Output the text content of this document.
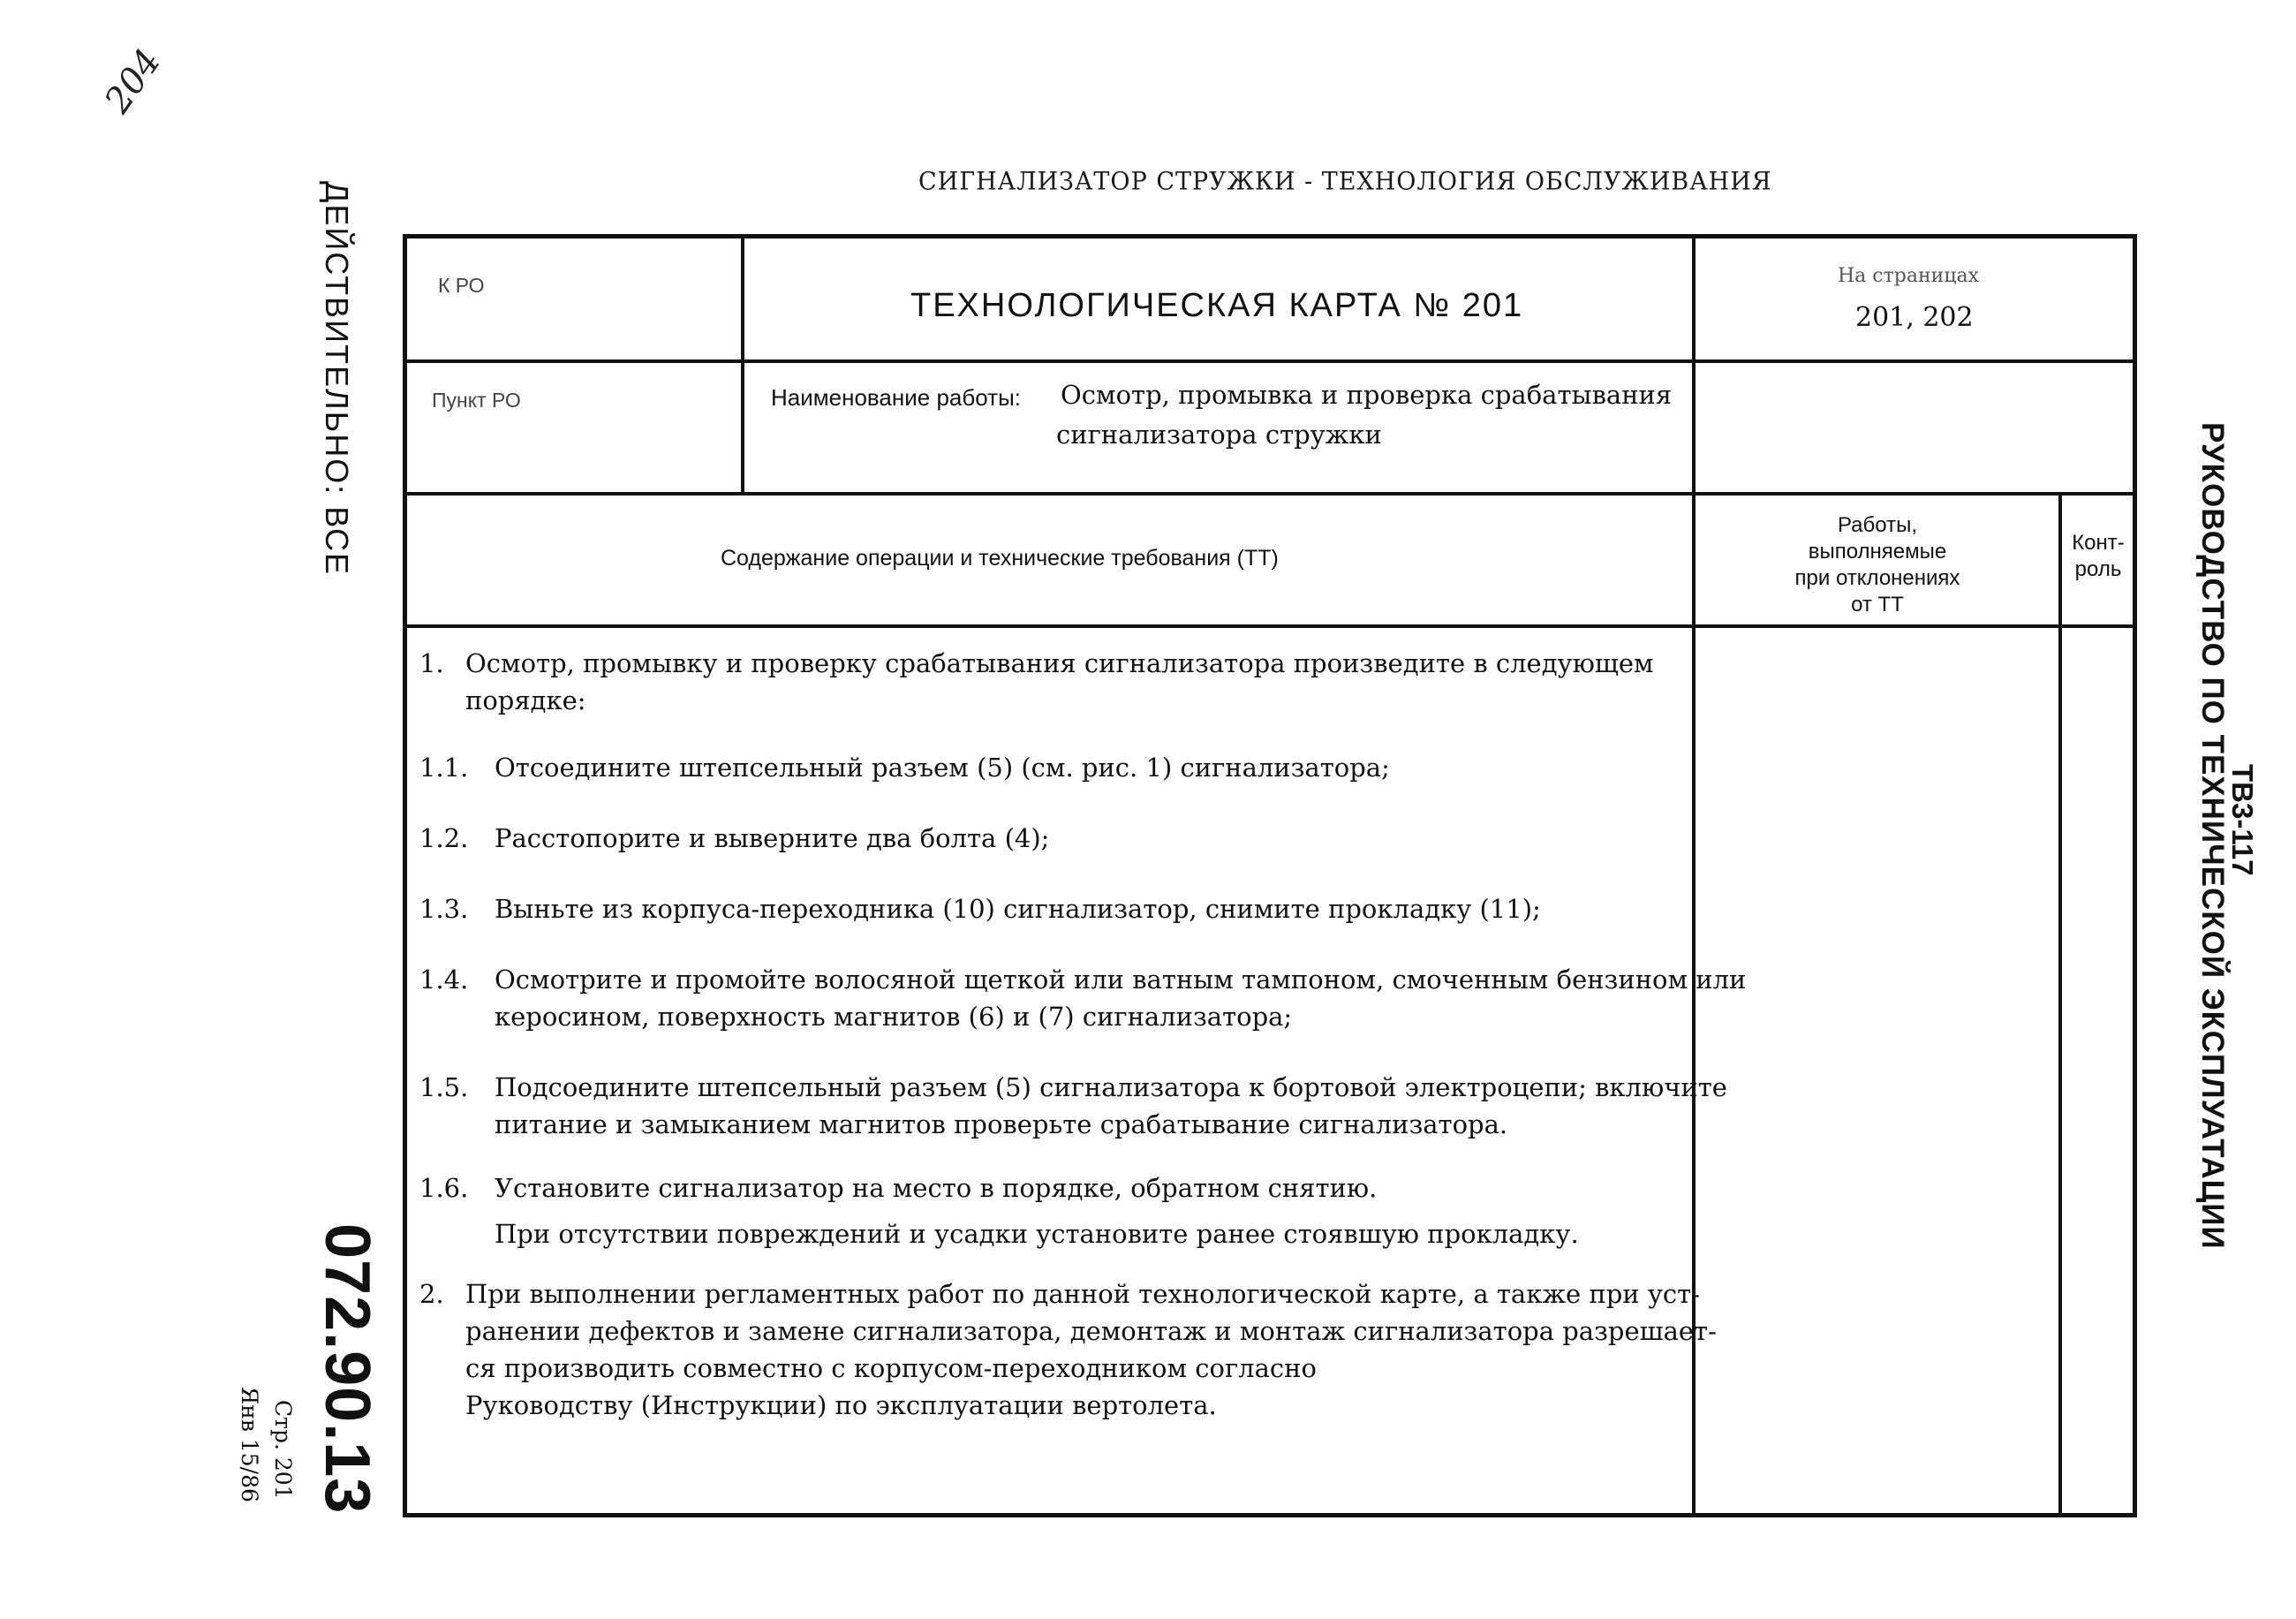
204
СИГНАЛИЗАТОР СТРУЖКИ - ТЕХНОЛОГИЯ ОБСЛУЖИВАНИЯ
ДЕЙСТВИТЕЛЬНО: ВСЕ
072.90.13
Стр. 201
Янв 15/86
РУКОВОДСТВО ПО ТЕХНИЧЕСКОЙ ЭКСПЛУАТАЦИИ
ТВ3-117
К РО
ТЕХНОЛОГИЧЕСКАЯ КАРТА № 201
На страницах
201, 202
Пункт РО	Наименование работы: Осмотр, промывка и проверка срабатывания
сигнализатора стружки
Содержание операции и технические требования (ТТ)
Работы,
выполняемые
при отклонениях
от ТТ
Конт-
роль
1. Осмотр, промывку и проверку срабатывания сигнализатора произведите в следующем
порядке:
1.1. Отсоедините штепсельный разъем (5) (см. рис. 1) сигнализатора;
1.2. Расстопорите и выверните два болта (4);
1.3. Выньте из корпуса-переходника (10) сигнализатор, снимите прокладку (11);
1.4. Осмотрите и промойте волосяной щеткой или ватным тампоном, смоченным бензином или
керосином, поверхность магнитов (6) и (7) сигнализатора;
1.5. Подсоедините штепсельный разъем (5) сигнализатора к бортовой электроцепи; включите
питание и замыканием магнитов проверьте срабатывание сигнализатора.
1.6. Установите сигнализатор на место в порядке, обратном снятию.
При отсутствии повреждений и усадки установите ранее стоявшую прокладку.
2. При выполнении регламентных работ по данной технологической карте, а также при уст-
ранении дефектов и замене сигнализатора, демонтаж и монтаж сигнализатора разрешает-
ся производить совместно с корпусом-переходником согласно
Руководству (Инструкции) по эксплуатации вертолета.
